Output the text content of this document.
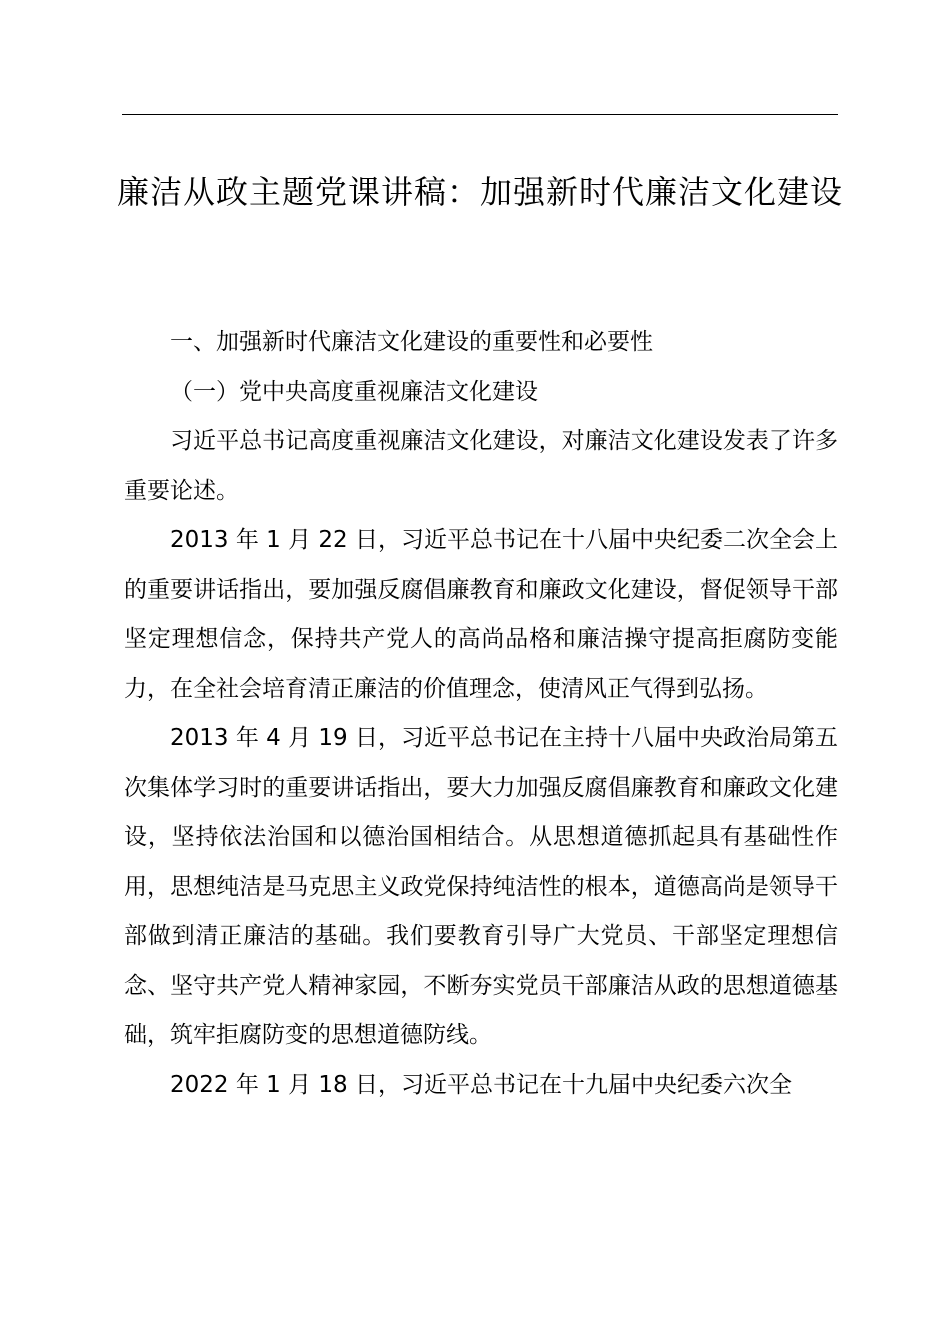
廉洁从政主题党课讲稿：加强新时代廉洁文化建设

一、加强新时代廉洁文化建设的重要性和必要性

（一）党中央高度重视廉洁文化建设

习近平总书记高度重视廉洁文化建设，对廉洁文化建设发表了许多重要论述。

2013 年 1 月 22 日，习近平总书记在十八届中央纪委二次全会上的重要讲话指出，要加强反腐倡廉教育和廉政文化建设，督促领导干部坚定理想信念，保持共产党人的高尚品格和廉洁操守提高拒腐防变能力，在全社会培育清正廉洁的价值理念，使清风正气得到弘扬。

2013 年 4 月 19 日，习近平总书记在主持十八届中央政治局第五次集体学习时的重要讲话指出，要大力加强反腐倡廉教育和廉政文化建设，坚持依法治国和以德治国相结合。从思想道德抓起具有基础性作用，思想纯洁是马克思主义政党保持纯洁性的根本，道德高尚是领导干部做到清正廉洁的基础。我们要教育引导广大党员、干部坚定理想信念、坚守共产党人精神家园，不断夯实党员干部廉洁从政的思想道德基础，筑牢拒腐防变的思想道德防线。

2022 年 1 月 18 日，习近平总书记在十九届中央纪委六次全
